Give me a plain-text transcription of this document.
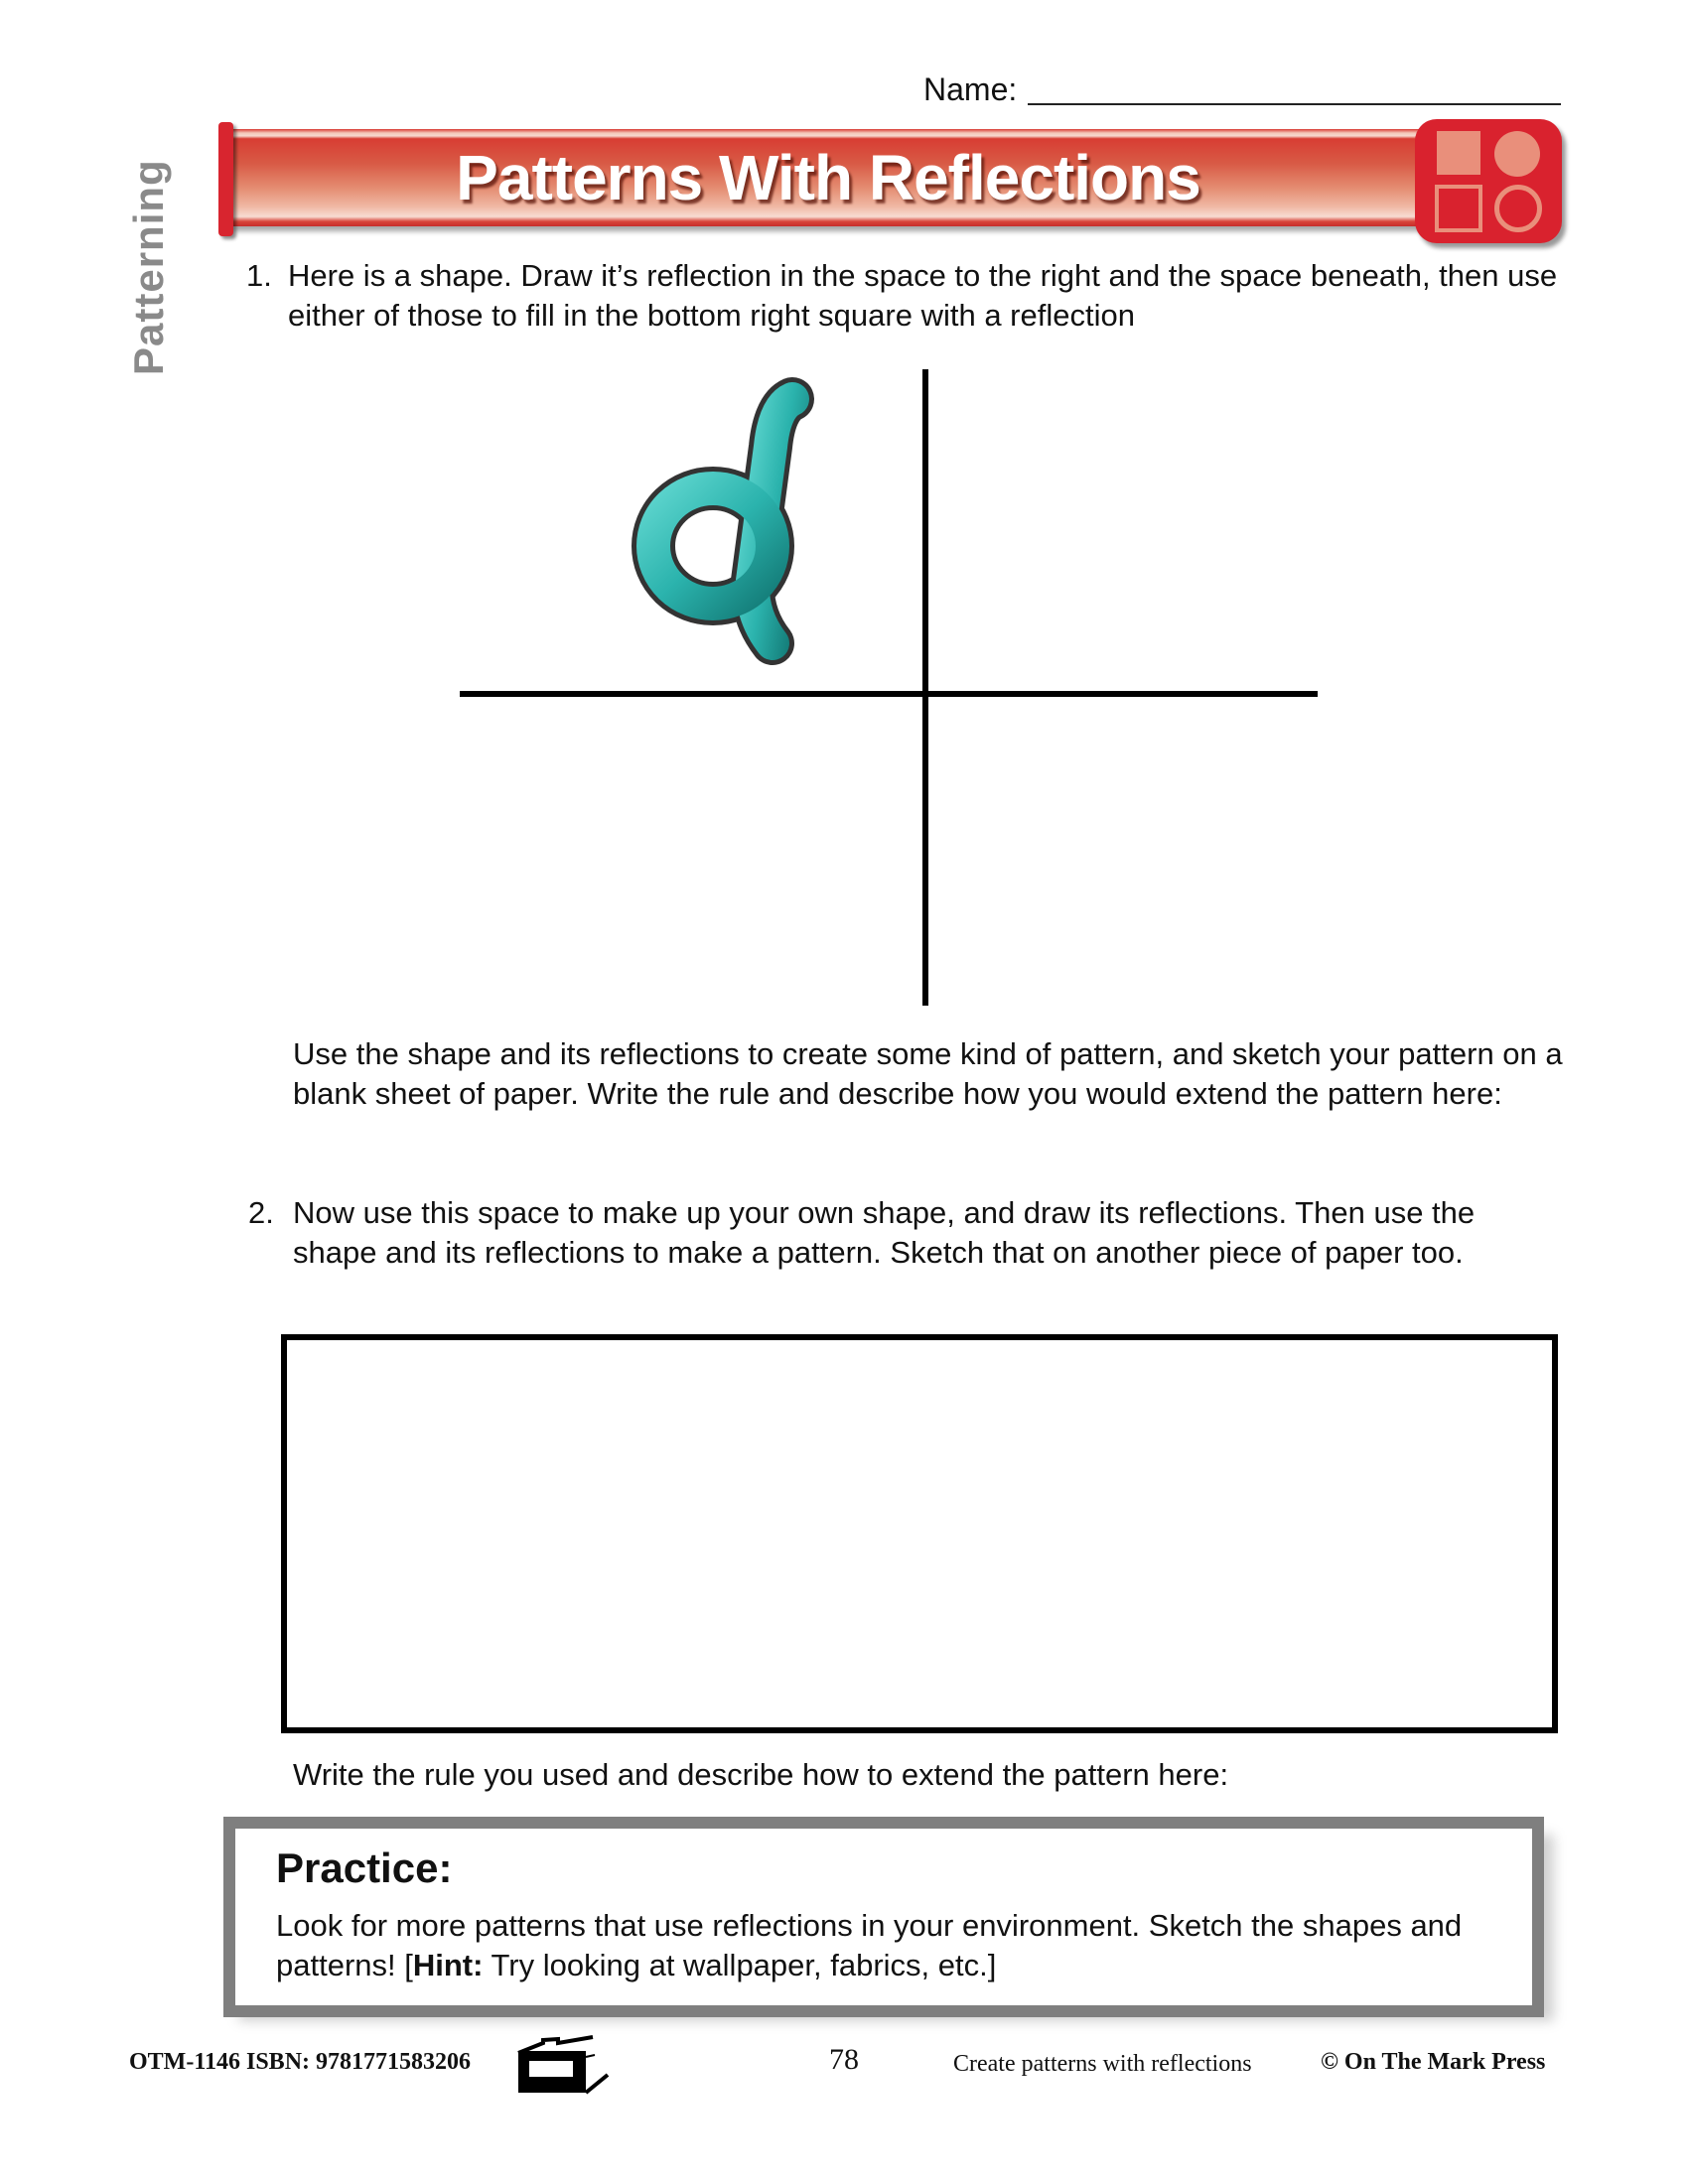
Name:
Patterning	Patterns With Reflections
1. Here is a shape. Draw it’s reflection in the space to the right and the space beneath, then use either of those to fill in the bottom right square with a reflection
Use the shape and its reflections to create some kind of pattern, and sketch your pattern on a blank sheet of paper. Write the rule and describe how you would extend the pattern here:
2. Now use this space to make up your own shape, and draw its reflections. Then use the shape and its reflections to make a pattern. Sketch that on another piece of paper too.
Write the rule you used and describe how to extend the pattern here:
Practice:
Look for more patterns that use reflections in your environment. Sketch the shapes and patterns! [Hint: Try looking at wallpaper, fabrics, etc.]
OTM-1146 ISBN: 9781771583206	78	Create patterns with reflections	© On The Mark Press
